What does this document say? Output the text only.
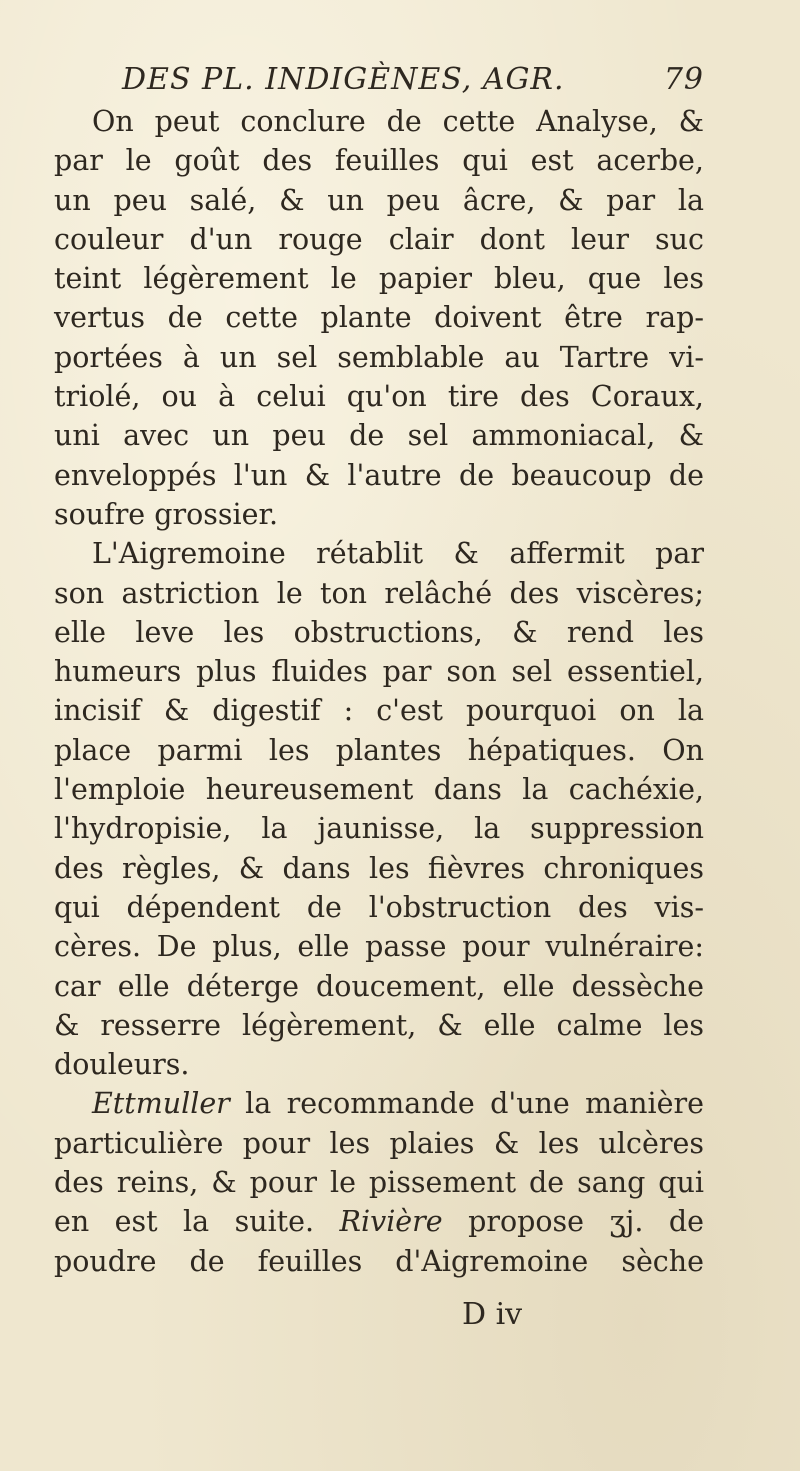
DES PL. INDIGÈNES, AGR.	79
On peut conclure de cette Analyse, &
par le goût des feuilles qui est acerbe,
un peu salé, & un peu âcre, & par la
couleur d'un rouge clair dont leur suc
teint légèrement le papier bleu, que les
vertus de cette plante doivent être rap-
portées à un sel semblable au Tartre vi-
triolé, ou à celui qu'on tire des Coraux,
uni avec un peu de sel ammoniacal, &
enveloppés l'un & l'autre de beaucoup de
soufre grossier.
L'Aigremoine rétablit & affermit par
son astriction le ton relâché des viscères;
elle leve les obstructions, & rend les
humeurs plus fluides par son sel essentiel,
incisif & digestif : c'est pourquoi on la
place parmi les plantes hépatiques. On
l'emploie heureusement dans la cachéxie,
l'hydropisie, la jaunisse, la suppression
des règles, & dans les fièvres chroniques
qui dépendent de l'obstruction des vis-
cères. De plus, elle passe pour vulnéraire:
car elle déterge doucement, elle dessèche
& resserre légèrement, & elle calme les
douleurs.
Ettmuller la recommande d'une manière
particulière pour les plaies & les ulcères
des reins, & pour le pissement de sang qui
en est la suite. Rivière propose ʒj. de
poudre de feuilles d'Aigremoine sèche
D iv
